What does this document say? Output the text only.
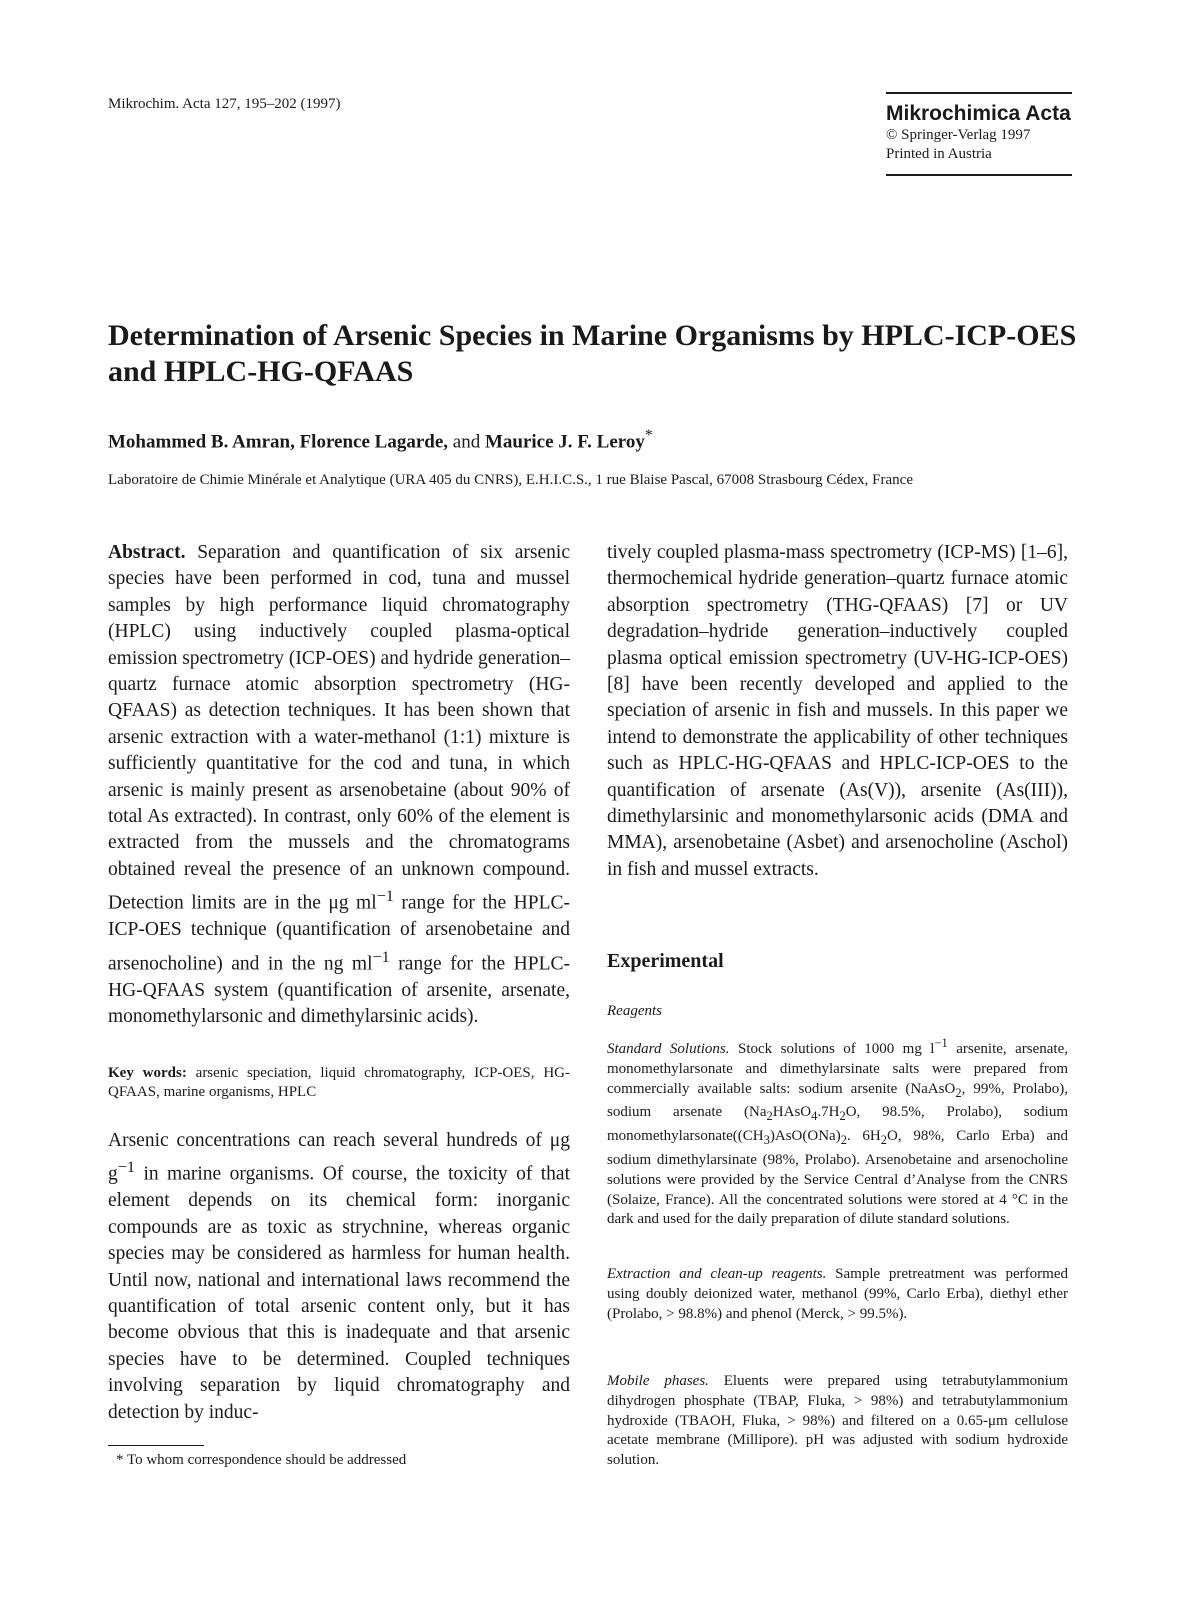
Mikrochim. Acta 127, 195–202 (1997)	Mikrochimica Acta
© Springer-Verlag 1997
Printed in Austria
Determination of Arsenic Species in Marine Organisms by HPLC-ICP-OES and HPLC-HG-QFAAS
Mohammed B. Amran, Florence Lagarde, and Maurice J. F. Leroy*
Laboratoire de Chimie Minérale et Analytique (URA 405 du CNRS), E.H.I.C.S., 1 rue Blaise Pascal, 67008 Strasbourg Cédex, France
Abstract. Separation and quantification of six arsenic species have been performed in cod, tuna and mussel samples by high performance liquid chromatography (HPLC) using inductively coupled plasma-optical emission spectrometry (ICP-OES) and hydride generation–quartz furnace atomic absorption spectrometry (HG-QFAAS) as detection techniques. It has been shown that arsenic extraction with a water-methanol (1:1) mixture is sufficiently quantitative for the cod and tuna, in which arsenic is mainly present as arsenobetaine (about 90% of total As extracted). In contrast, only 60% of the element is extracted from the mussels and the chromatograms obtained reveal the presence of an unknown compound. Detection limits are in the μg $ml^{-1}$ range for the HPLC-ICP-OES technique (quantification of arsenobetaine and arsenocholine) and in the ng $ml^{-1}$ range for the HPLC-HG-QFAAS system (quantification of arsenite, arsenate, monomethylarsonic and dimethylarsinic acids).
Key words: arsenic speciation, liquid chromatography, ICP-OES, HG-QFAAS, marine organisms, HPLC
Arsenic concentrations can reach several hundreds of μg $g^{-1}$ in marine organisms. Of course, the toxicity of that element depends on its chemical form: inorganic compounds are as toxic as strychnine, whereas organic species may be considered as harmless for human health. Until now, national and international laws recommend the quantification of total arsenic content only, but it has become obvious that this is inadequate and that arsenic species have to be determined. Coupled techniques involving separation by liquid chromatography and detection by induc-
tively coupled plasma-mass spectrometry (ICP-MS) [1–6], thermochemical hydride generation–quartz furnace atomic absorption spectrometry (THG-QFAAS) [7] or UV degradation–hydride generation–inductively coupled plasma optical emission spectrometry (UV-HG-ICP-OES) [8] have been recently developed and applied to the speciation of arsenic in fish and mussels. In this paper we intend to demonstrate the applicability of other techniques such as HPLC-HG-QFAAS and HPLC-ICP-OES to the quantification of arsenate (As(V)), arsenite (As(III)), dimethylarsinic and monomethylarsonic acids (DMA and MMA), arsenobetaine (Asbet) and arsenocholine (Aschol) in fish and mussel extracts.
Experimental
Reagents
Standard Solutions. Stock solutions of 1000 mg $l^{-1}$ arsenite, arsenate, monomethylarsonate and dimethylarsinate salts were prepared from commercially available salts: sodium arsenite (NaAsO$_2$, 99%, Prolabo), sodium arsenate ($Na_2HAsO_4.7H_2O$, 98.5%, Prolabo), sodium $monomethylarsonate((CH_3)AsO(ONa)_2$. $6H_2O$, 98%, Carlo Erba) and sodium dimethylarsinate (98%, Prolabo). Arsenobetaine and arsenocholine solutions were provided by the Service Central d’Analyse from the CNRS (Solaize, France). All the concentrated solutions were stored at 4 °C in the dark and used for the daily preparation of dilute standard solutions.
Extraction and clean-up reagents. Sample pretreatment was performed using doubly deionized water, methanol (99%, Carlo Erba), diethyl ether (Prolabo, > 98.8%) and phenol (Merck, > 99.5%).
Mobile phases. Eluents were prepared using tetrabutylammonium dihydrogen phosphate (TBAP, Fluka, > 98%) and tetrabutylammonium hydroxide (TBAOH, Fluka, > 98%) and filtered on a 0.65-μm cellulose acetate membrane (Millipore). pH was adjusted with sodium hydroxide solution.
* To whom correspondence should be addressed
